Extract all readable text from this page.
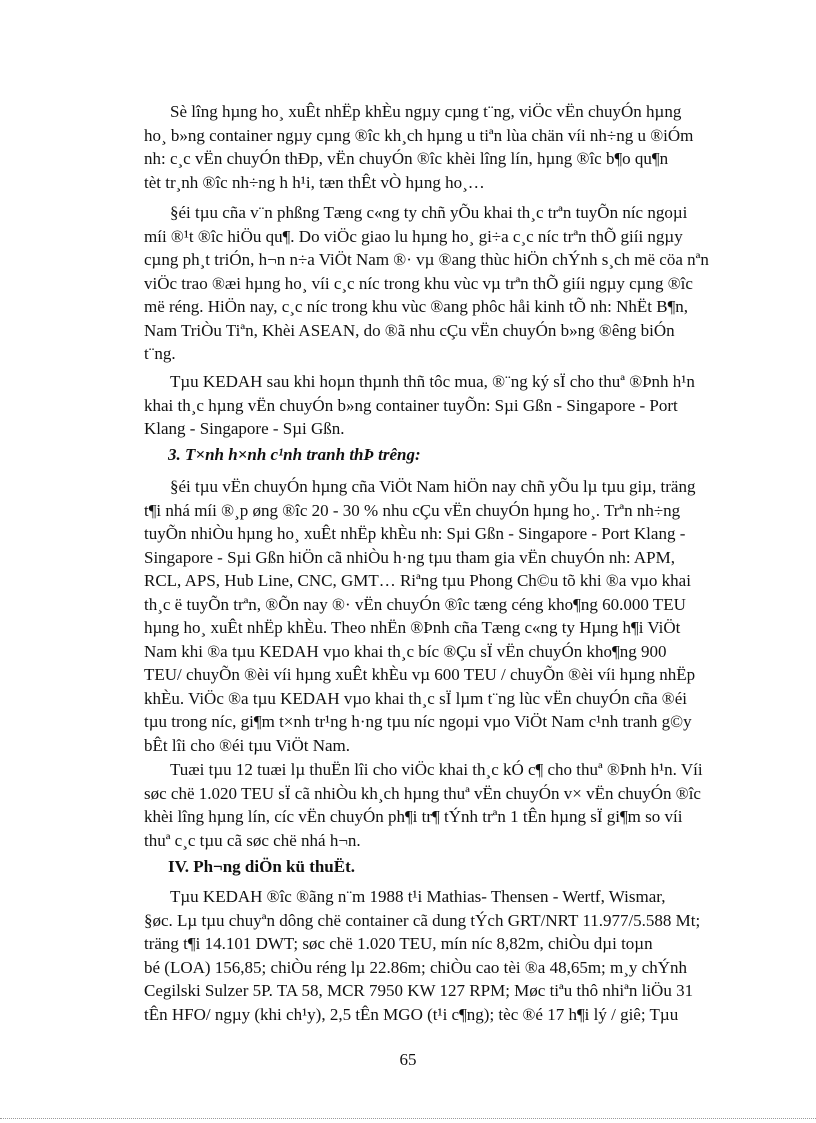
Sè lîng hµng ho¸ xuÊt nhËp khÈu ngµy cµng t¨ng, viÖc vËn chuyÓn hµng
ho¸ b»ng container ngµy cµng ®îc kh¸ch hµng u tiªn lùa chän víi nh÷ng u ®iÓm
nh: c¸c vËn chuyÓn thÐp, vËn chuyÓn ®îc khèi lîng lín, hµng ®îc b¶o qu¶n
tèt tr¸nh ®îc nh÷ng h h¹i, tæn thÊt vÒ hµng ho¸…
§éi tµu cña v¨n phßng Tæng c«ng ty chñ yÕu khai th¸c trªn tuyÕn níc ngoµi
míi ®¹t ®îc hiÖu qu¶. Do viÖc giao lu hµng ho¸ gi÷a c¸c níc trªn thÕ giíi ngµy
cµng ph¸t triÓn, h¬n n÷a ViÖt Nam ®· vµ ®ang thùc hiÖn chÝnh s¸ch më cöa nªn
viÖc trao ®æi hµng ho¸ víi c¸c níc trong khu vùc vµ trªn thÕ giíi ngµy cµng ®îc
më réng. HiÖn nay, c¸c níc trong khu vùc ®ang phôc håi kinh tÕ nh: NhËt B¶n,
Nam TriÒu Tiªn, Khèi ASEAN, do ®ã nhu cÇu vËn chuyÓn b»ng ®êng biÓn
t¨ng.
Tµu KEDAH sau khi hoµn thµnh thñ tôc mua, ®¨ng ký sÏ cho thuª ®Þnh h¹n
khai th¸c hµng vËn chuyÓn b»ng container tuyÕn: Sµi Gßn - Singapore - Port
Klang - Singapore - Sµi Gßn.
3. T×nh h×nh c¹nh tranh thÞ trêng:
§éi tµu vËn chuyÓn hµng cña ViÖt Nam hiÖn nay chñ yÕu lµ tµu giµ, träng
t¶i nhá míi ®¸p øng ®îc 20 - 30 % nhu cÇu vËn chuyÓn hµng ho¸. Trªn nh÷ng
tuyÕn nhiÒu hµng ho¸ xuÊt nhËp khÈu nh: Sµi Gßn - Singapore - Port Klang -
Singapore - Sµi Gßn hiÖn cã nhiÒu h·ng tµu tham gia vËn chuyÓn nh: APM,
RCL, APS, Hub Line, CNC, GMT… Riªng tµu Phong Ch©u tõ khi ®a vµo khai
th¸c ë tuyÕn trªn, ®Õn nay ®· vËn chuyÓn ®îc tæng céng kho¶ng 60.000 TEU
hµng ho¸ xuÊt nhËp khÈu. Theo nhËn ®Þnh cña Tæng c«ng ty Hµng h¶i ViÖt
Nam khi ®a tµu KEDAH vµo khai th¸c bíc ®Çu sÏ vËn chuyÓn kho¶ng 900
TEU/ chuyÕn ®èi víi hµng xuÊt khÈu vµ 600 TEU / chuyÕn ®èi víi hµng nhËp
khÈu. ViÖc ®a tµu KEDAH vµo khai th¸c sÏ lµm t¨ng lùc vËn chuyÓn cña ®éi
tµu trong níc, gi¶m t×nh tr¹ng h·ng tµu níc ngoµi vµo ViÖt Nam c¹nh tranh g©y
bÊt lîi cho ®éi tµu ViÖt Nam.
Tuæi tµu 12 tuæi lµ thuËn lîi cho viÖc khai th¸c kÓ c¶ cho thuª ®Þnh h¹n. Víi
søc chë 1.020 TEU sÏ cã nhiÒu kh¸ch hµng thuª vËn chuyÓn v× vËn chuyÓn ®îc
khèi lîng hµng lín, cíc vËn chuyÓn ph¶i tr¶ tÝnh trªn 1 tÊn hµng sÏ gi¶m so víi
thuª c¸c tµu cã søc chë nhá h¬n.
IV. Ph¬ng diÖn kü thuËt.
Tµu KEDAH ®îc ®ãng n¨m 1988 t¹i Mathias- Thensen - Wertf, Wismar,
§øc. Lµ tµu chuyªn dông chë container cã dung tÝch GRT/NRT 11.977/5.588 Mt;
träng t¶i 14.101 DWT; søc chë 1.020 TEU, mín níc 8,82m, chiÒu dµi toµn
bé (LOA) 156,85; chiÒu réng lµ 22.86m; chiÒu cao tèi ®a 48,65m; m¸y chÝnh
Cegilski Sulzer 5P. TA 58, MCR 7950 KW 127 RPM; Møc tiªu thô nhiªn liÖu 31
tÊn HFO/ ngµy (khi ch¹y), 2,5 tÊn MGO (t¹i c¶ng); tèc ®é 17 h¶i lý / giê; Tµu
65
